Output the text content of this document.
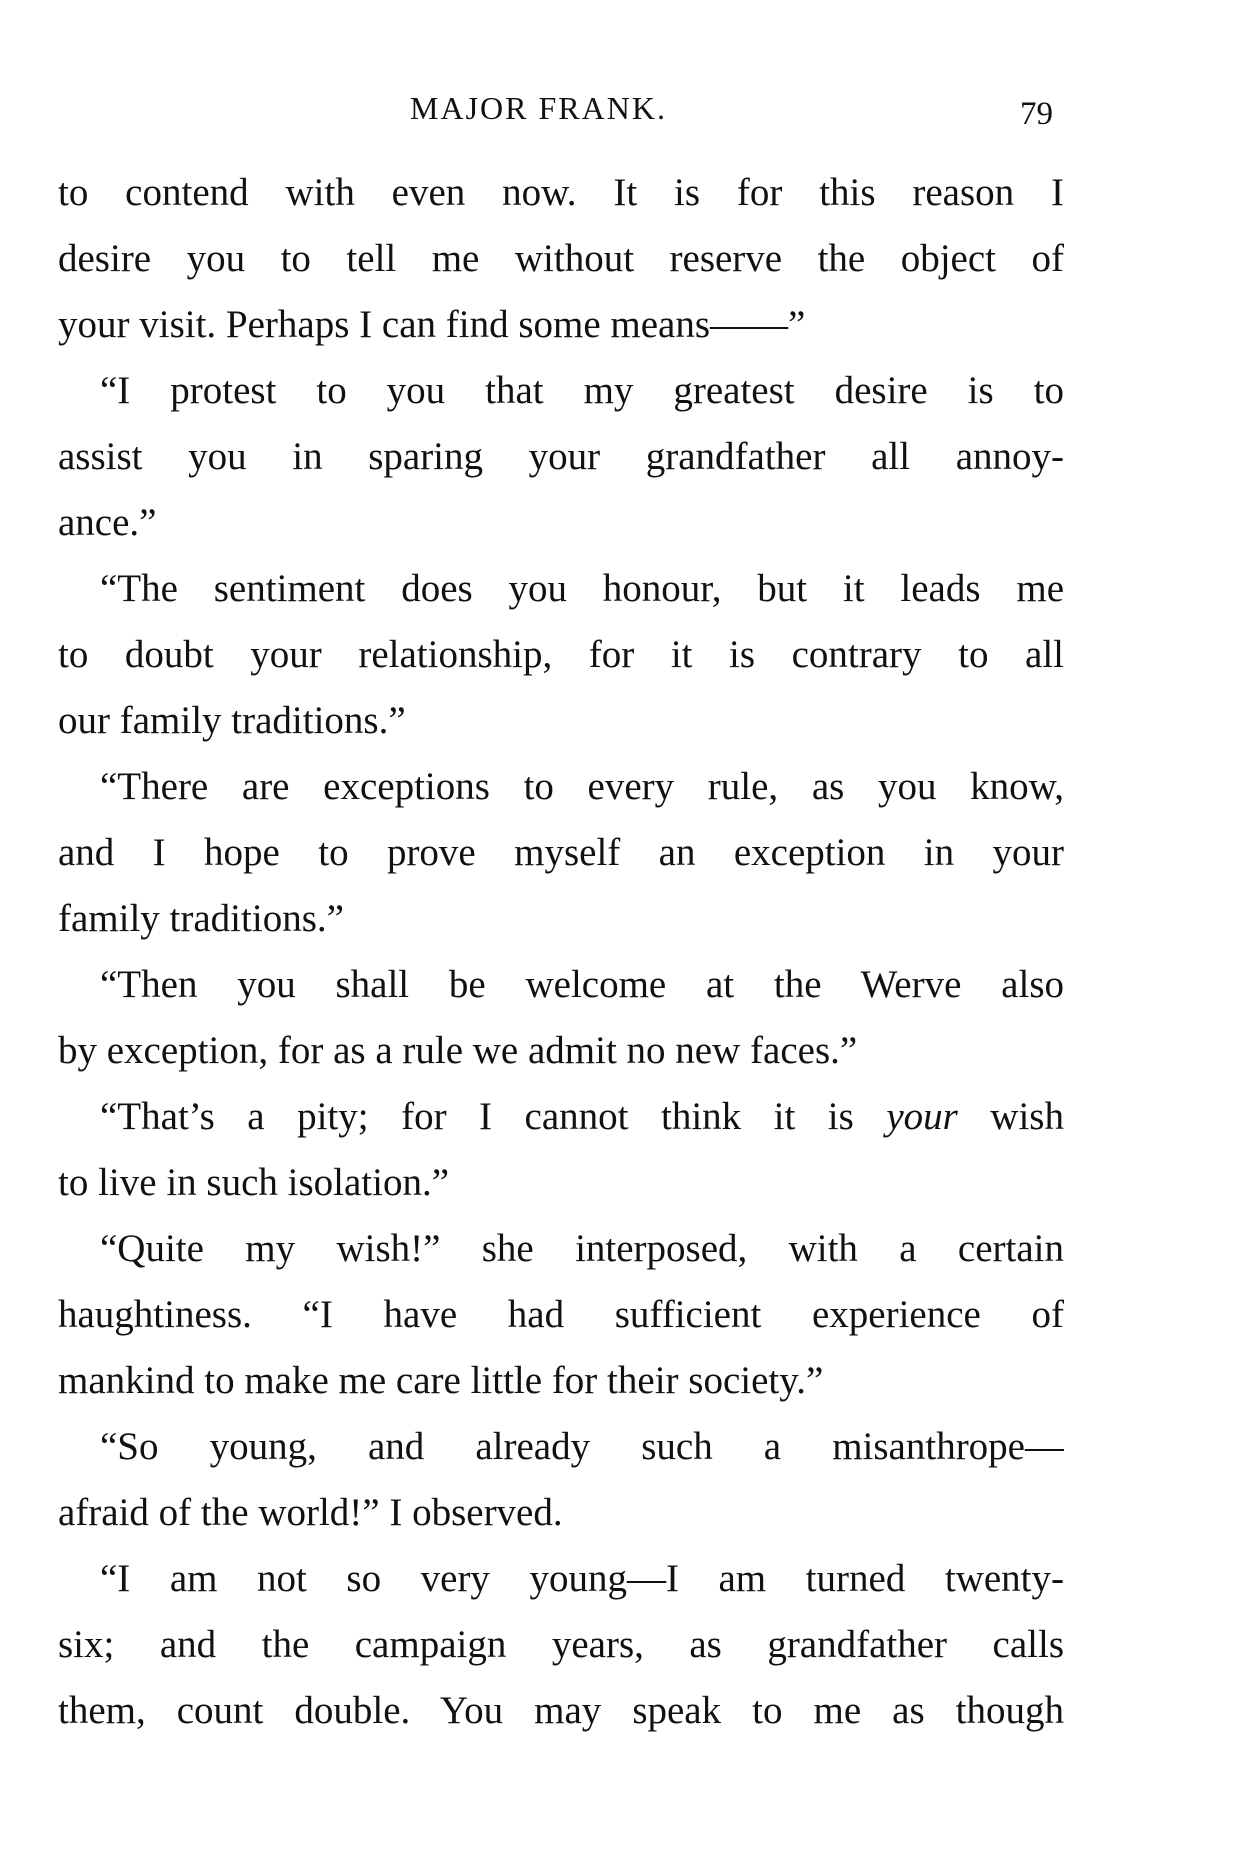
MAJOR FRANK.	79
to contend with even now. It is for this reason I
desire you to tell me without reserve the object of
your visit. Perhaps I can find some means——”
“I protest to you that my greatest desire is to
assist you in sparing your grandfather all annoy-
ance.”
“The sentiment does you honour, but it leads me
to doubt your relationship, for it is contrary to all
our family traditions.”
“There are exceptions to every rule, as you know,
and I hope to prove myself an exception in your
family traditions.”
“Then you shall be welcome at the Werve also
by exception, for as a rule we admit no new faces.”
“That’s a pity; for I cannot think it is your wish
to live in such isolation.”
“Quite my wish!” she interposed, with a certain
haughtiness. “I have had sufficient experience of
mankind to make me care little for their society.”
“So young, and already such a misanthrope—
afraid of the world!” I observed.
“I am not so very young—I am turned twenty-
six; and the campaign years, as grandfather calls
them, count double. You may speak to me as though
